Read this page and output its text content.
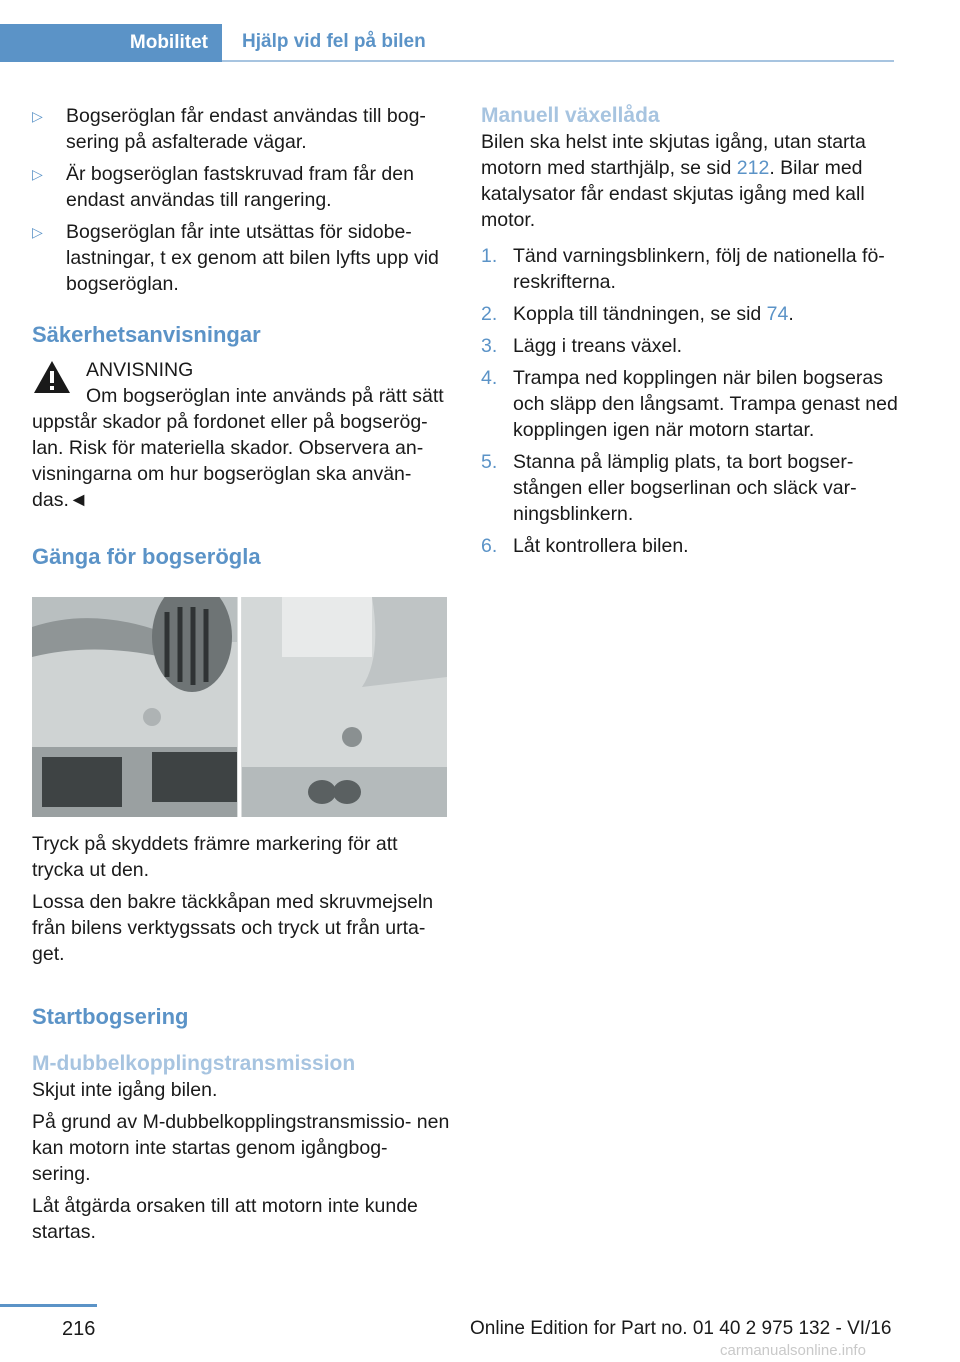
Mobilitet	Hjälp vid fel på bilen
▷ Bogseröglan får endast användas till bog- sering på asfalterade vägar.
▷ Är bogseröglan fastskruvad fram får den endast användas till rangering.
▷ Bogseröglan får inte utsättas för sidobe- lastningar, t ex genom att bilen lyfts upp vid bogseröglan.
Säkerhetsanvisningar
ANVISNING
Om bogseröglan inte används på rätt sätt uppstår skador på fordonet eller på bogserög- lan. Risk för materiella skador. Observera an- visningarna om hur bogseröglan ska använ- das.◄
Gänga för bogserögla
Tryck på skyddets främre markering för att trycka ut den.
Lossa den bakre täckkåpan med skruvmejseln från bilens verktygssats och tryck ut från urta- get.
Startbogsering
M-dubbelkopplingstransmission
Skjut inte igång bilen.
På grund av M-dubbelkopplingstransmissio- nen kan motorn inte startas genom igångbog- sering.
Låt åtgärda orsaken till att motorn inte kunde startas.
Manuell växellåda
Bilen ska helst inte skjutas igång, utan starta motorn med starthjälp, se sid 212. Bilar med katalysator får endast skjutas igång med kall motor.
1. Tänd varningsblinkern, följ de nationella fö- reskrifterna.
2. Koppla till tändningen, se sid 74.
3. Lägg i treans växel.
4. Trampa ned kopplingen när bilen bogseras och släpp den långsamt. Trampa genast ned kopplingen igen när motorn startar.
5. Stanna på lämplig plats, ta bort bogser- stången eller bogserlinan och släck var- ningsblinkern.
6. Låt kontrollera bilen.
216	Online Edition for Part no. 01 40 2 975 132 - VI/16
carmanualsonline.info
